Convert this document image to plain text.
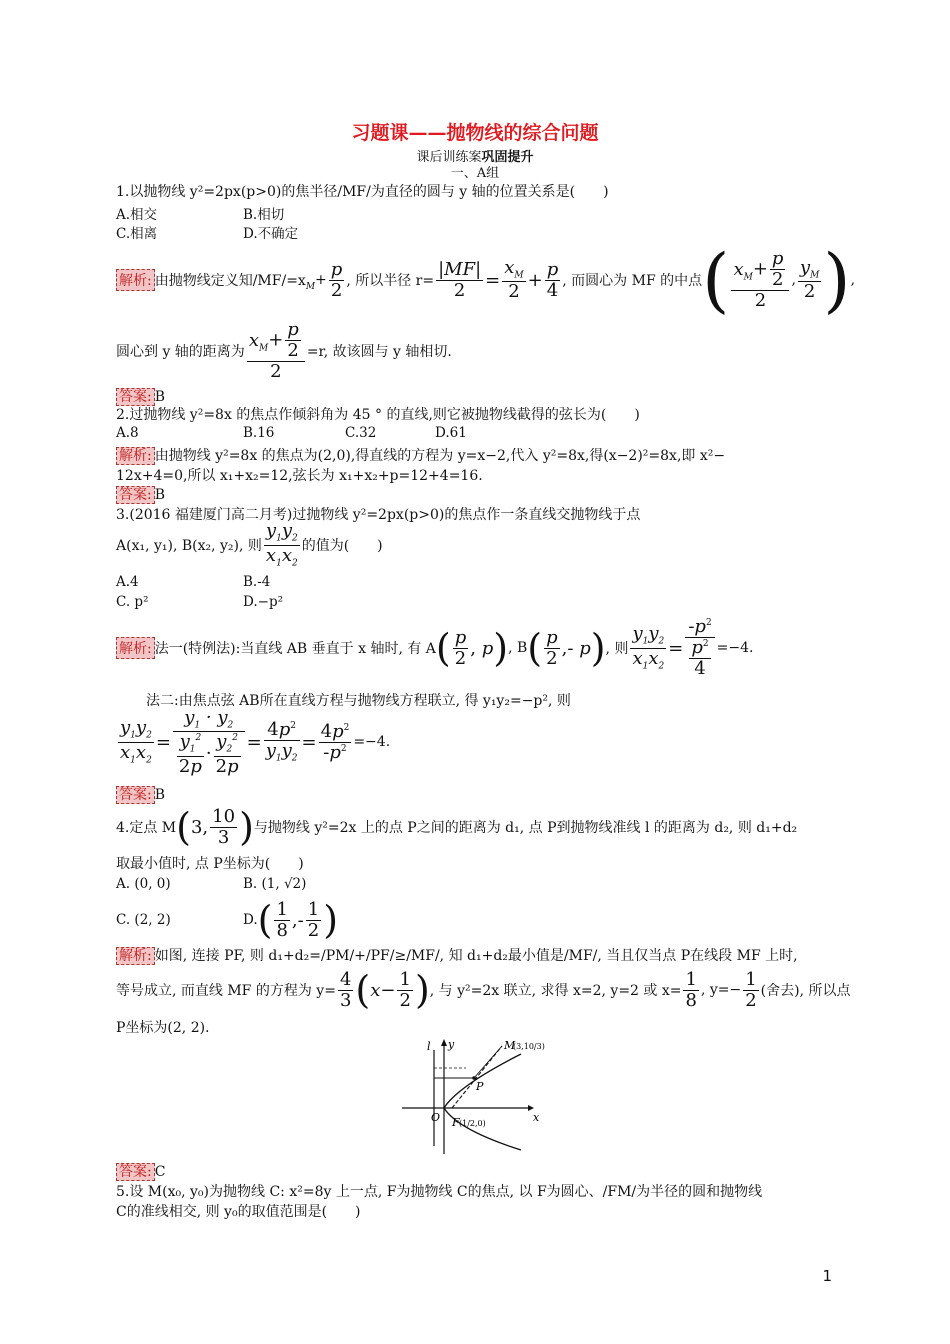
习题课——抛物线的综合问题
课后训练案巩固提升
一、A组
1.以抛物线 y²=2px(p>0)的焦半径/MF/为直径的圆与 y 轴的位置关系是(　　)
A.相交	B.相切
C.相离	D.不确定
解析: 由抛物线定义知/MF/=x $M + \frac{p}{2}$ , 所以半径 $r= \frac{|MF|}{2} = \frac{x_M}{2} + \frac{p}{4}$ , 而圆心为 MF 的中点 ( $\frac{x_M+ \frac{p}{2}}{2}$ , $\frac{y_M}{2}$ ) ,
圆心到 y 轴的距离为 $\frac{x_M+ \frac{p}{2}}{2} =r$, 故该圆与 y 轴相切.
答案: B
2.过抛物线 y²=8x 的焦点作倾斜角为 45 ° 的直线,则它被抛物线截得的弦长为(　　)
A.8	B.16	C.32	D.61
解析: 由抛物线 y²=8x 的焦点为(2,0),得直线的方程为 y=x−2,代入 y²=8x,得(x−2)²=8x,即 x²−
12x+4=0,所以 x₁+x₂=12,弦长为 x₁+x₂+p=12+4=16.
答案: B
3.(2016 福建厦门高二月考)过抛物线 y²=2px(p>0)的焦点作一条直线交抛物线于点
A(x₁, y₁), B(x₂, y₂), 则 $\frac{y_1y_2}{x_1x_2}$ 的值为(　　)
A.4	B.-4
C. p²	D.−p²
解析: 法一(特例法):当直线 AB 垂直于 x 轴时, 有 A ( $\frac{p}{2}$ , p ) , B ( $\frac{p}{2}$ ,- p ) , 则 $\frac{y_1y_2}{x_1x_2} = \frac{-p^2}{\frac{p^2}{4}} =-4$.
法二:由焦点弦 AB所在直线方程与抛物线方程联立, 得 y₁y₂=−p², 则
$\frac{y_1y_2}{x_1x_2} = \frac{y_1 \cdot y_2}{\frac{y_1^2}{2p} \cdot \frac{y_2^2}{2p}} = \frac{4p^2}{y_1y_2} = \frac{4p^2}{-p^2} =-4$.
答案: B
4.定点 M ( 3, $\frac{10}{3}$ ) 与抛物线 y²=2x 上的点 P之间的距离为 d₁, 点 P到抛物线准线 l 的距离为 d₂, 则 d₁+d₂
取最小值时, 点 P坐标为(　　)
A. (0, 0)	B. (1, √2)
C. (2, 2)	D. ( $\frac{1}{8}$ ,- $\frac{1}{2}$ )
解析: 如图, 连接 PF, 则 d₁+d₂=/PM/+/PF/≥/MF/, 知 d₁+d₂最小值是/MF/, 当且仅当点 P在线段 MF 上时,
等号成立, 而直线 MF 的方程为 $y= \frac{4}{3}$ ( $x - \frac{1}{2}$ ) , 与 y²=2x 联立, 求得 x=2, y=2 或 $x= \frac{1}{8}$ , $y=- \frac{1}{2}$ (舍去), 所以点
P坐标为(2, 2).
l y
x
O
P
M
(3,10/3)
F (1/2,0)
答案: C
5.设 M(x₀, y₀)为抛物线 C: x²=8y 上一点, F为抛物线 C的焦点, 以 F为圆心、/FM/为半径的圆和抛物线
C的准线相交, 则 y₀的取值范围是(　　)
1
